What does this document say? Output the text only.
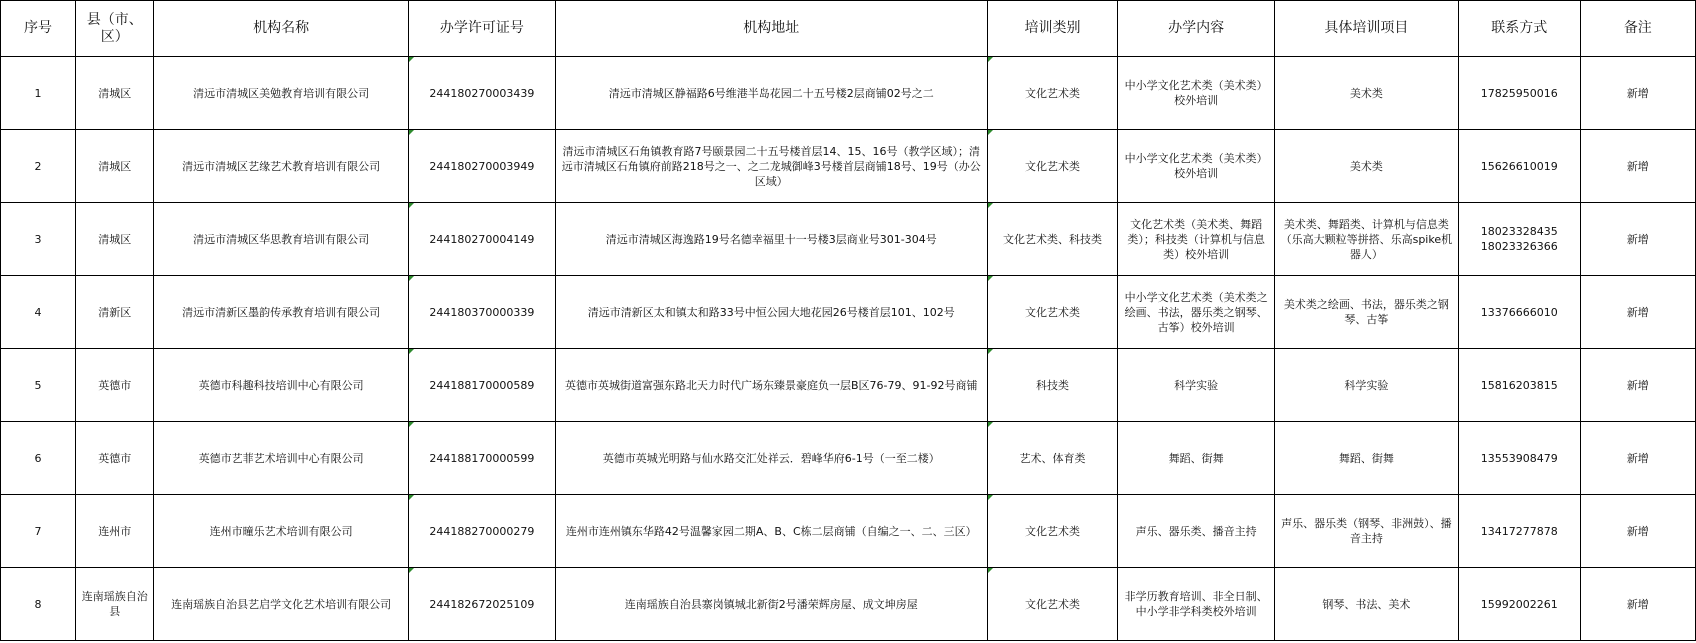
序号	县（市、区）	机构名称	办学许可证号	机构地址	培训类别	办学内容	具体培训项目	联系方式	备注
1	清城区	清远市清城区美勉教育培训有限公司	244180270003439	清远市清城区静福路6号维港半岛花园二十五号楼2层商铺02号之二	文化艺术类	中小学文化艺术类（美术类）校外培训	美术类	17825950016	新增
2	清城区	清远市清城区艺缘艺术教育培训有限公司	244180270003949	清远市清城区石角镇教育路7号颐景园二十五号楼首层14、15、16号（教学区域）；清远市清城区石角镇府前路218号之一、之二龙城御峰3号楼首层商铺18号、19号（办公区域）	文化艺术类	中小学文化艺术类（美术类）校外培训	美术类	15626610019	新增
3	清城区	清远市清城区华思教育培训有限公司	244180270004149	清远市清城区海逸路19号名德幸福里十一号楼3层商业号301-304号	文化艺术类、科技类	文化艺术类（美术类、舞蹈类）；科技类（计算机与信息类）校外培训	美术类、舞蹈类、计算机与信息类（乐高大颗粒等拼搭、乐高spike机器人）	18023328435
18023326366	新增
4	清新区	清远市清新区墨韵传承教育培训有限公司	244180370000339	清远市清新区太和镇太和路33号中恒公园大地花园26号楼首层101、102号	文化艺术类	中小学文化艺术类（美术类之绘画、书法，器乐类之钢琴、古筝）校外培训	美术类之绘画、书法，器乐类之钢琴、古筝	13376666010	新增
5	英德市	英德市科趣科技培训中心有限公司	244188170000589	英德市英城街道富强东路北天力时代广场东臻景豪庭负一层B区76-79、91-92号商铺	科技类	科学实验	科学实验	15816203815	新增
6	英德市	英德市艺菲艺术培训中心有限公司	244188170000599	英德市英城光明路与仙水路交汇处祥云．碧峰华府6-1号（一至二楼）	艺术、体育类	舞蹈、街舞	舞蹈、街舞	13553908479	新增
7	连州市	连州市曈乐艺术培训有限公司	244188270000279	连州市连州镇东华路42号温馨家园二期A、B、C栋二层商铺（自编之一、二、三区）	文化艺术类	声乐、器乐类、播音主持	声乐、器乐类（钢琴、非洲鼓）、播音主持	13417277878	新增
8	连南瑶族自治县	连南瑶族自治县艺启学文化艺术培训有限公司	244182672025109	连南瑶族自治县寨岗镇城北新街2号潘荣辉房屋、成文坤房屋	文化艺术类	非学历教育培训、非全日制、中小学非学科类校外培训	钢琴、书法、美术	15992002261	新增
